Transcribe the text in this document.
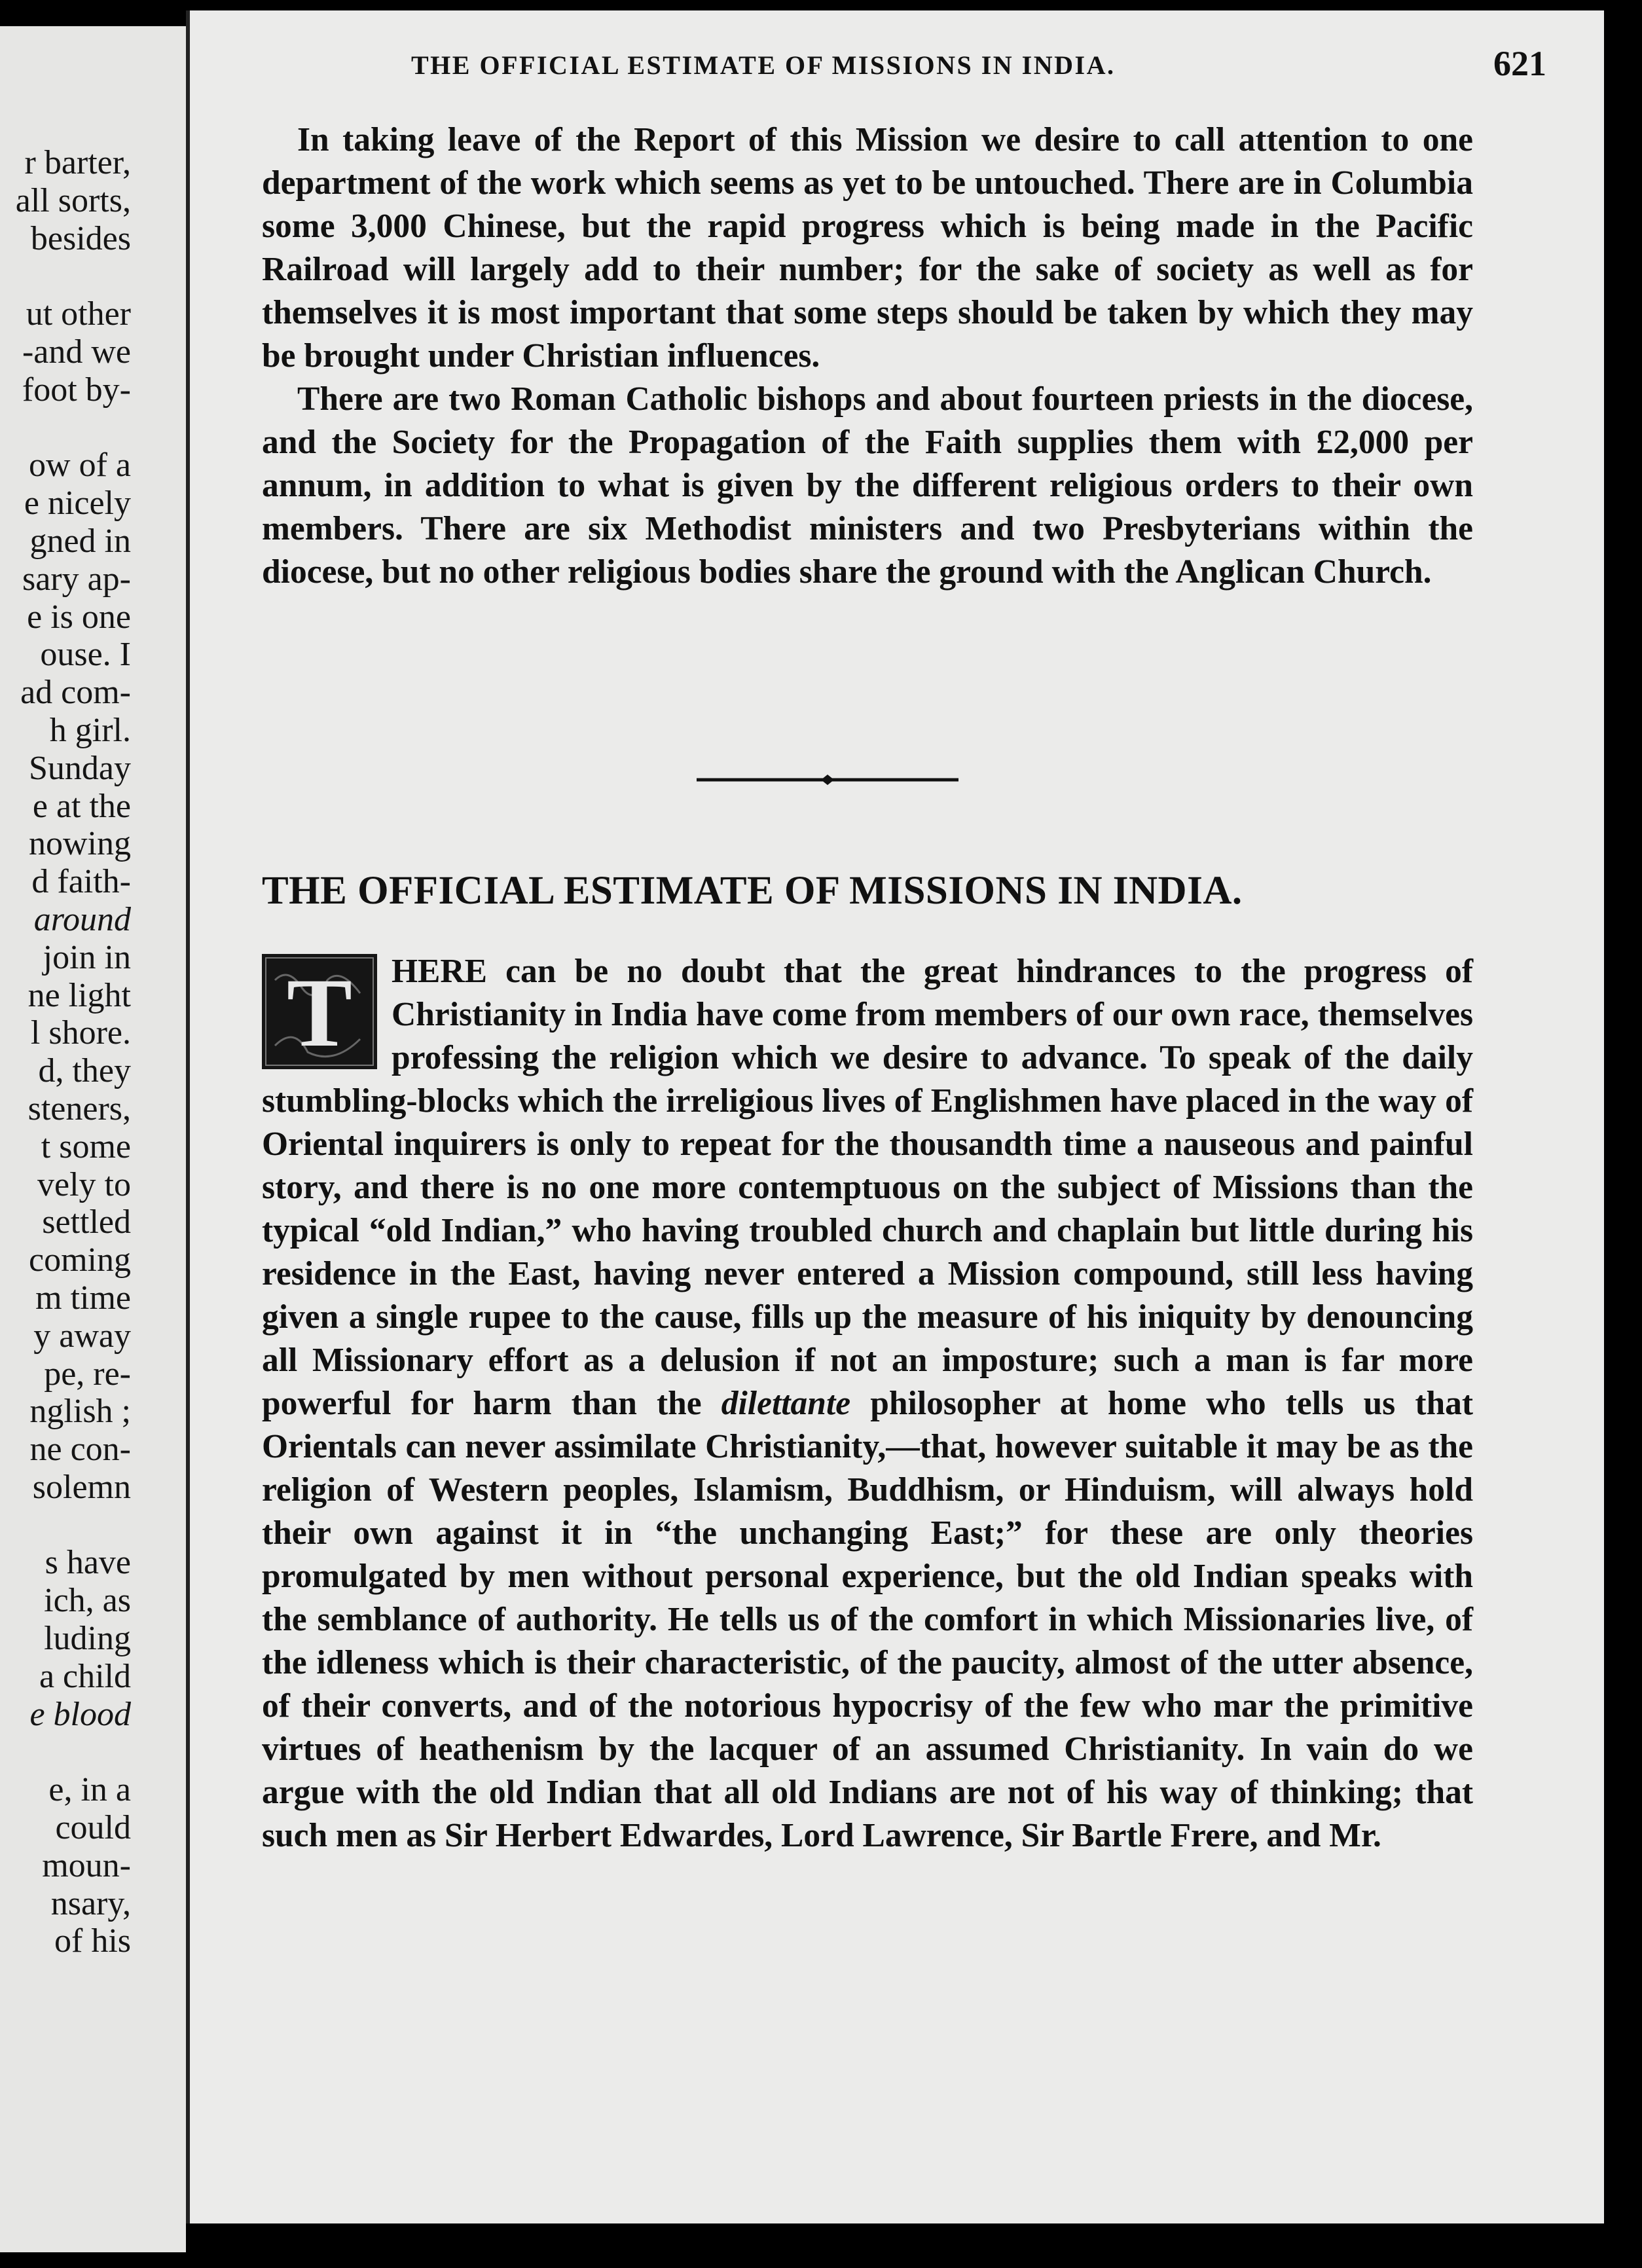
r barter,
all sorts,
besides
ut other
-and we
foot by-
ow of a
e nicely
gned in
sary ap-
e is one
ouse. I
ad com-
h girl.
Sunday
e at the
nowing
d faith-
around
join in
ne light
l shore.
d, they
steners,
t some
vely to
settled
coming
m time
y away
pe, re-
nglish ;
ne con-
solemn
s have
ich, as
luding
a child
e blood
e, in a
could
moun-
nsary,
of his
THE OFFICIAL ESTIMATE OF MISSIONS IN INDIA.	621

In taking leave of the Report of this Mission we desire to call attention to one department of the work which seems as yet to be untouched. There are in Columbia some 3,000 Chinese, but the rapid progress which is being made in the Pacific Railroad will largely add to their number; for the sake of society as well as for themselves it is most important that some steps should be taken by which they may be brought under Christian influences.

There are two Roman Catholic bishops and about fourteen priests in the diocese, and the Society for the Propagation of the Faith supplies them with £2,000 per annum, in addition to what is given by the different religious orders to their own members. There are six Methodist ministers and two Presbyterians within the diocese, but no other religious bodies share the ground with the Anglican Church.

THE OFFICIAL ESTIMATE OF MISSIONS IN INDIA.

T HERE can be no doubt that the great hindrances to the progress of Christianity in India have come from members of our own race, themselves professing the religion which we desire to advance. To speak of the daily stumbling-blocks which the irreligious lives of Englishmen have placed in the way of Oriental inquirers is only to repeat for the thousandth time a nauseous and painful story, and there is no one more contemptuous on the subject of Missions than the typical “old Indian,” who having troubled church and chaplain but little during his residence in the East, having never entered a Mission compound, still less having given a single rupee to the cause, fills up the measure of his iniquity by denouncing all Missionary effort as a delusion if not an imposture; such a man is far more powerful for harm than the dilettante philosopher at home who tells us that Orientals can never assimilate Christianity,—that, however suitable it may be as the religion of Western peoples, Islamism, Buddhism, or Hinduism, will always hold their own against it in “the unchanging East;” for these are only theories promulgated by men without personal experience, but the old Indian speaks with the semblance of authority. He tells us of the comfort in which Missionaries live, of the idleness which is their characteristic, of the paucity, almost of the utter absence, of their converts, and of the notorious hypocrisy of the few who mar the primitive virtues of heathenism by the lacquer of an assumed Christianity. In vain do we argue with the old Indian that all old Indians are not of his way of thinking; that such men as Sir Herbert Edwardes, Lord Lawrence, Sir Bartle Frere, and Mr.
